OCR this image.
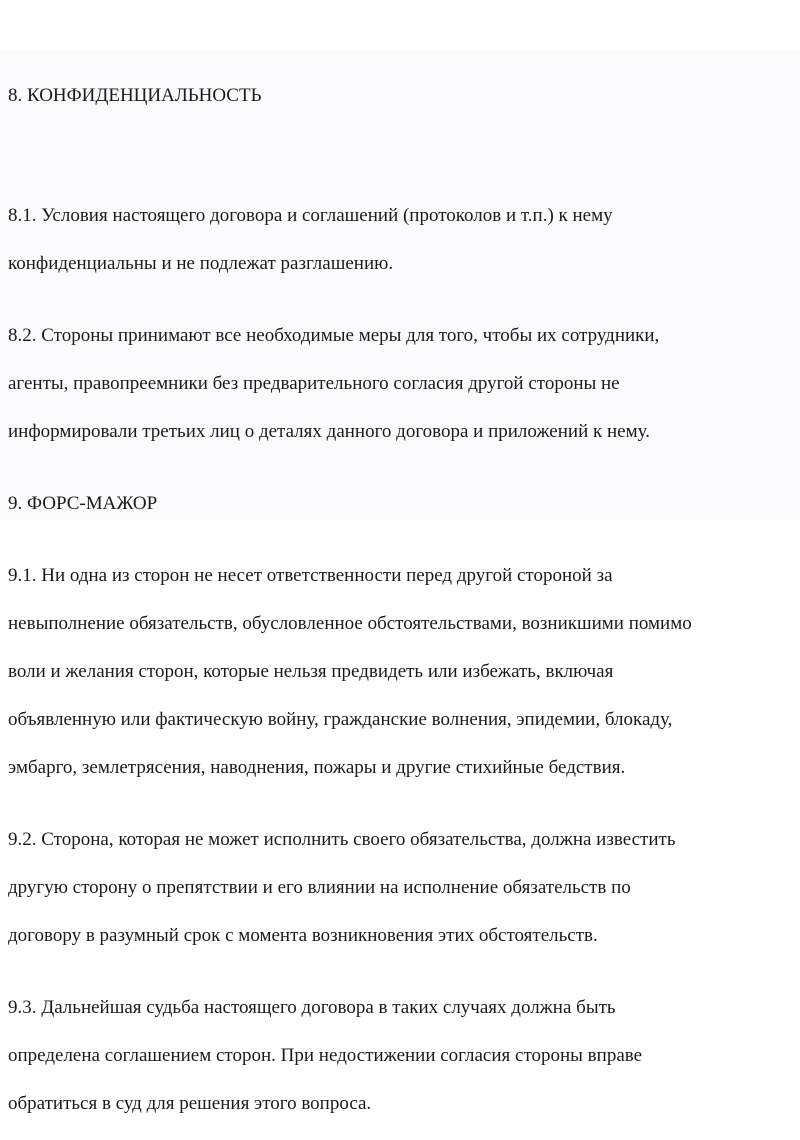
8. КОНФИДЕНЦИАЛЬНОСТЬ

8.1. Условия настоящего договора и соглашений (протоколов и т.п.) к нему

конфиденциальны и не подлежат разглашению.

8.2. Стороны принимают все необходимые меры для того, чтобы их сотрудники,

агенты, правопреемники без предварительного согласия другой стороны не

информировали третьих лиц о деталях данного договора и приложений к нему.

9. ФОРС-МАЖОР

9.1. Ни одна из сторон не несет ответственности перед другой стороной за

невыполнение обязательств, обусловленное обстоятельствами, возникшими помимо

воли и желания сторон, которые нельзя предвидеть или избежать, включая

объявленную или фактическую войну, гражданские волнения, эпидемии, блокаду,

эмбарго, землетрясения, наводнения, пожары и другие стихийные бедствия.

9.2. Сторона, которая не может исполнить своего обязательства, должна известить

другую сторону о препятствии и его влиянии на исполнение обязательств по

договору в разумный срок с момента возникновения этих обстоятельств.

9.3. Дальнейшая судьба настоящего договора в таких случаях должна быть

определена соглашением сторон. При недостижении согласия стороны вправе

обратиться в суд для решения этого вопроса.
